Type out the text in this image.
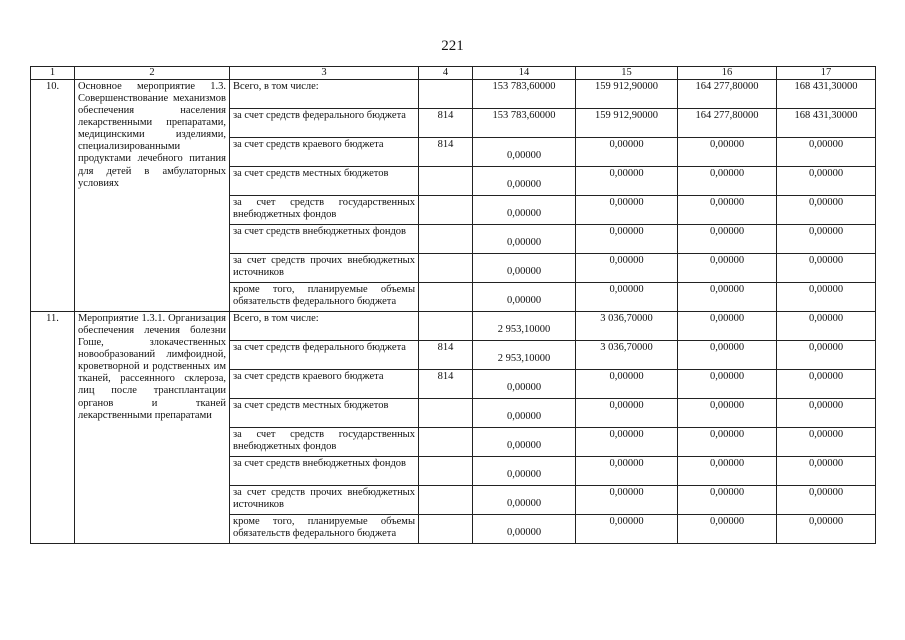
221
1	2	3	4	14	15	16	17
10.	Основное мероприятие 1.3. Совершенствование механизмов обеспечения населения лекарственными препаратами, медицинскими изделиями, специализированными продуктами лечебного питания для детей в амбулаторных условиях	Всего, в том числе:		153 783,60000	159 912,90000	164 277,80000	168 431,30000
		за счет средств федерального бюджета	814	153 783,60000	159 912,90000	164 277,80000	168 431,30000
		за счет средств краевого бюджета	814	0,00000	0,00000	0,00000	0,00000
		за счет средств местных бюджетов		0,00000	0,00000	0,00000	0,00000
		за счет средств государственных внебюджетных фондов		0,00000	0,00000	0,00000	0,00000
		за счет средств внебюджетных фондов		0,00000	0,00000	0,00000	0,00000
		за счет средств прочих внебюджетных источников		0,00000	0,00000	0,00000	0,00000
		кроме того, планируемые объемы обязательств федерального бюджета		0,00000	0,00000	0,00000	0,00000
11.	Мероприятие 1.3.1. Организация обеспечения лечения болезни Гоше, злокачественных новообразований лимфоидной, кроветворной и родственных им тканей, рассеянного склероза, лиц после трансплантации органов и тканей лекарственными препаратами	Всего, в том числе:		2 953,10000	3 036,70000	0,00000	0,00000
		за счет средств федерального бюджета	814	2 953,10000	3 036,70000	0,00000	0,00000
		за счет средств краевого бюджета	814	0,00000	0,00000	0,00000	0,00000
		за счет средств местных бюджетов		0,00000	0,00000	0,00000	0,00000
		за счет средств государственных внебюджетных фондов		0,00000	0,00000	0,00000	0,00000
		за счет средств внебюджетных фондов		0,00000	0,00000	0,00000	0,00000
		за счет средств прочих внебюджетных источников		0,00000	0,00000	0,00000	0,00000
		кроме того, планируемые объемы обязательств федерального бюджета		0,00000	0,00000	0,00000	0,00000
